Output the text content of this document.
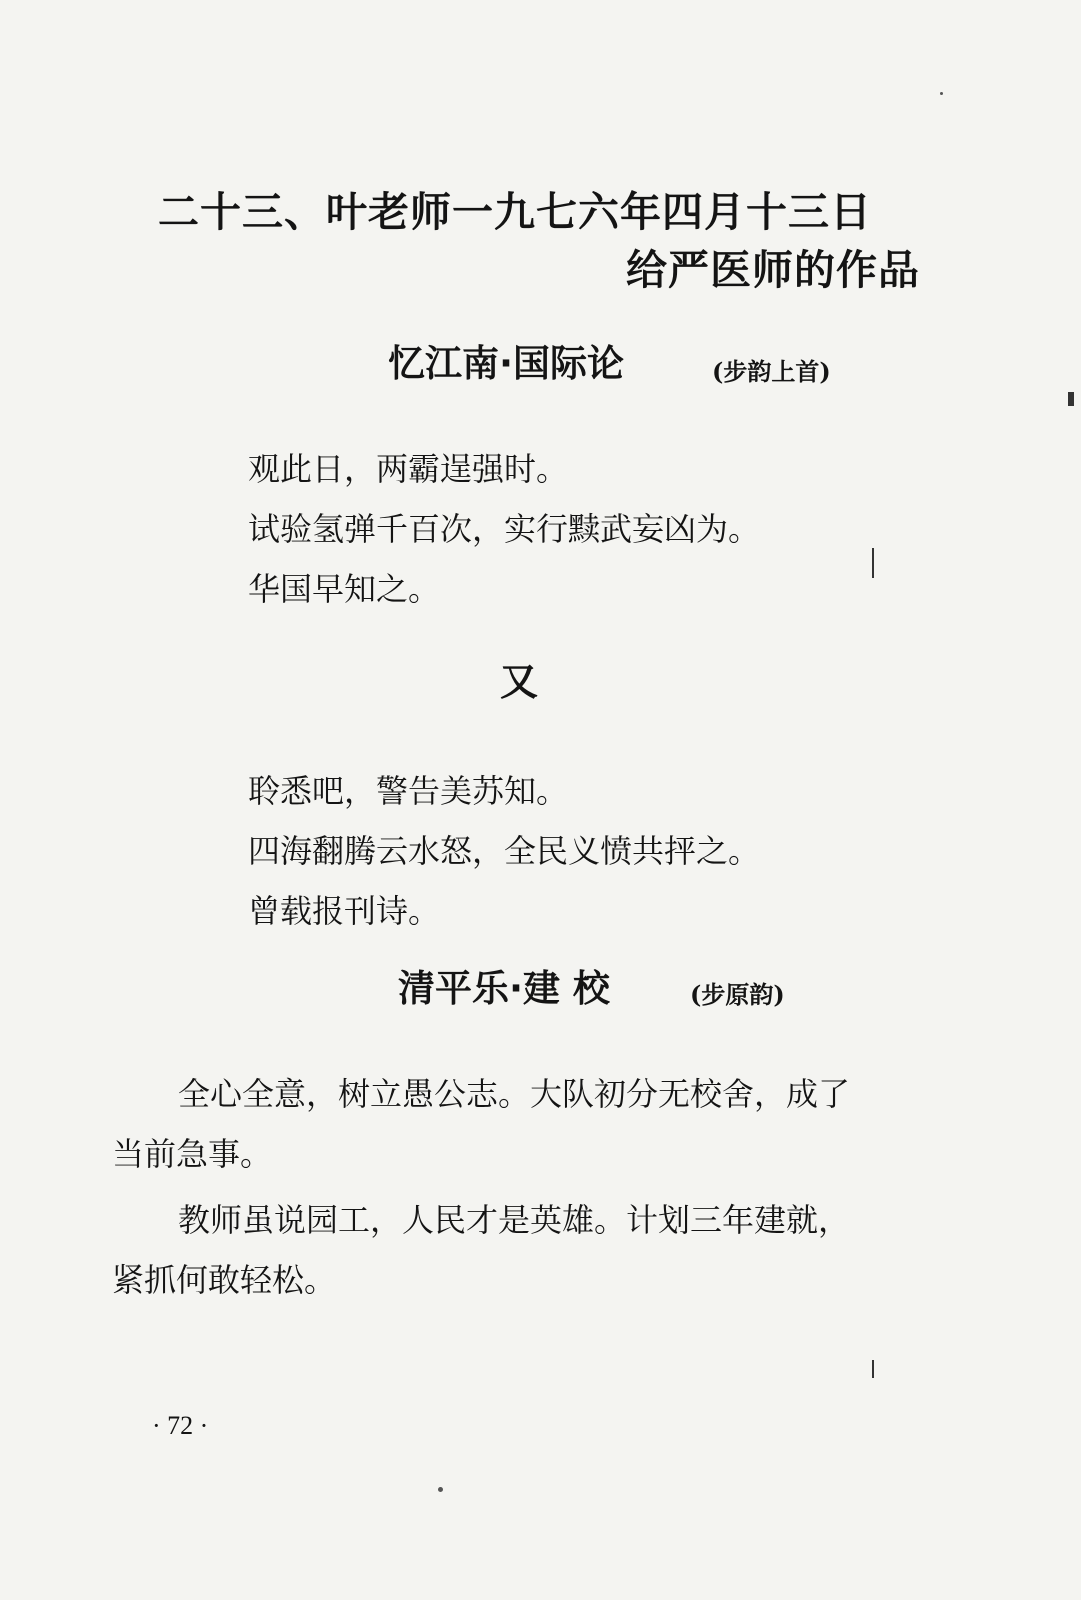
二十三、叶老师一九七六年四月十三日
给严医师的作品
忆江南·国际论	(步韵上首)
观此日，两霸逞强时。
试验氢弹千百次，实行黩武妄凶为。
华国早知之。
又
聆悉吧，警告美苏知。
四海翻腾云水怒，全民义愤共抨之。
曾载报刊诗。
清平乐·建 校	(步原韵)
全心全意，树立愚公志。大队初分无校舍，成了
当前急事。
教师虽说园工，人民才是英雄。计划三年建就，
紧抓何敢轻松。
· 72 ·
